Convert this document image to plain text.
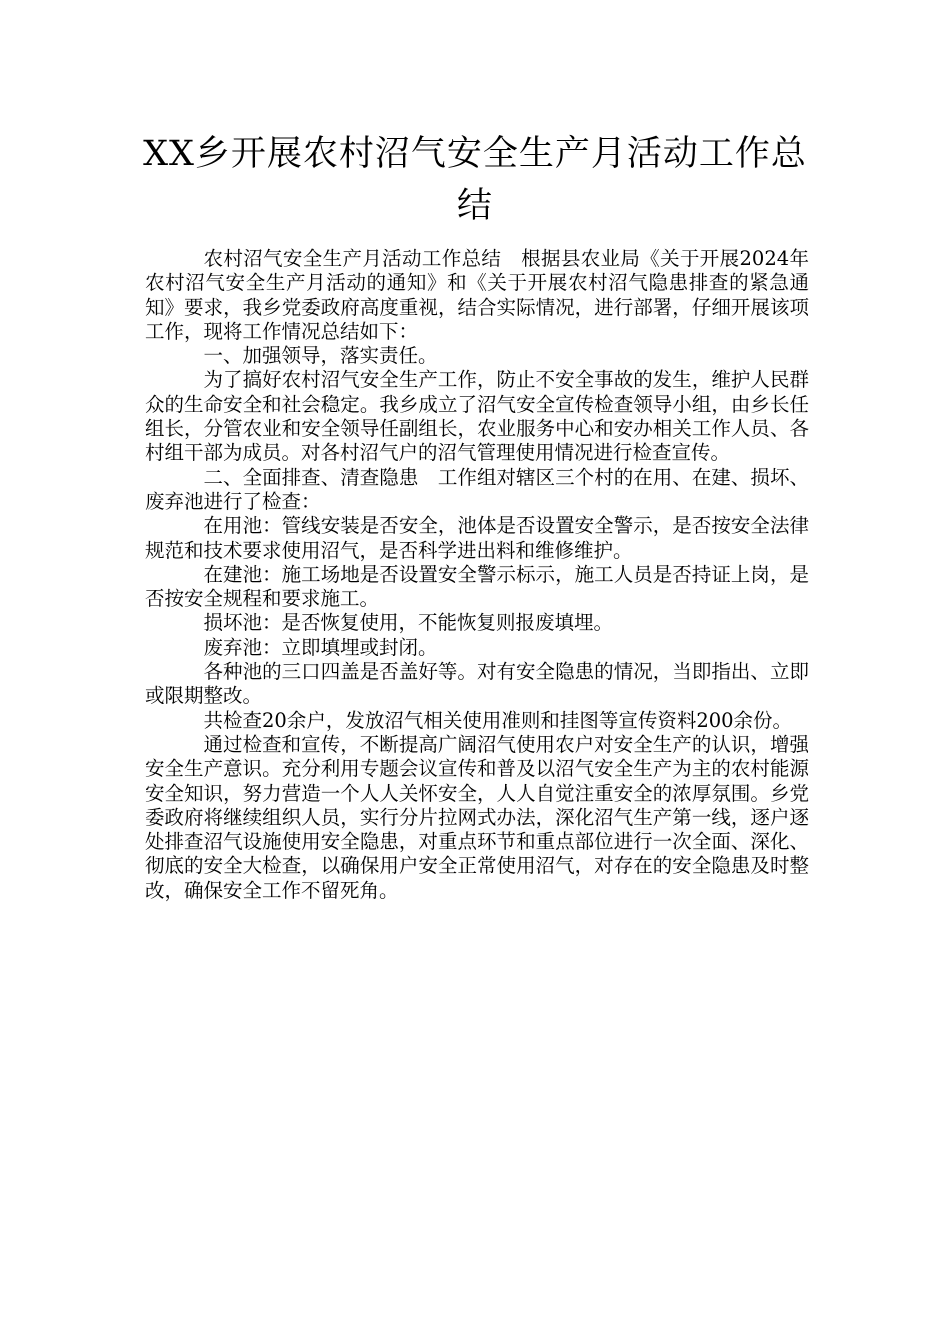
XX乡开展农村沼气安全生产月活动工作总结

农村沼气安全生产月活动工作总结　根据县农业局《关于开展2024年农村沼气安全生产月活动的通知》和《关于开展农村沼气隐患排查的紧急通知》要求，我乡党委政府高度重视，结合实际情况，进行部署，仔细开展该项工作，现将工作情况总结如下：

一、加强领导，落实责任。

为了搞好农村沼气安全生产工作，防止不安全事故的发生，维护人民群众的生命安全和社会稳定。我乡成立了沼气安全宣传检查领导小组，由乡长任组长，分管农业和安全领导任副组长，农业服务中心和安办相关工作人员、各村组干部为成员。对各村沼气户的沼气管理使用情况进行检查宣传。

二、全面排查、清查隐患　工作组对辖区三个村的在用、在建、损坏、废弃池进行了检查：

在用池：管线安装是否安全，池体是否设置安全警示，是否按安全法律规范和技术要求使用沼气，是否科学进出料和维修维护。

在建池：施工场地是否设置安全警示标示，施工人员是否持证上岗，是否按安全规程和要求施工。

损坏池：是否恢复使用，不能恢复则报废填埋。

废弃池：立即填埋或封闭。

各种池的三口四盖是否盖好等。对有安全隐患的情况，当即指出、立即或限期整改。

共检查20余户，发放沼气相关使用准则和挂图等宣传资料200余份。

通过检查和宣传，不断提高广阔沼气使用农户对安全生产的认识，增强安全生产意识。充分利用专题会议宣传和普及以沼气安全生产为主的农村能源安全知识，努力营造一个人人关怀安全，人人自觉注重安全的浓厚氛围。乡党委政府将继续组织人员，实行分片拉网式办法，深化沼气生产第一线，逐户逐处排查沼气设施使用安全隐患，对重点环节和重点部位进行一次全面、深化、彻底的安全大检查，以确保用户安全正常使用沼气，对存在的安全隐患及时整改，确保安全工作不留死角。
